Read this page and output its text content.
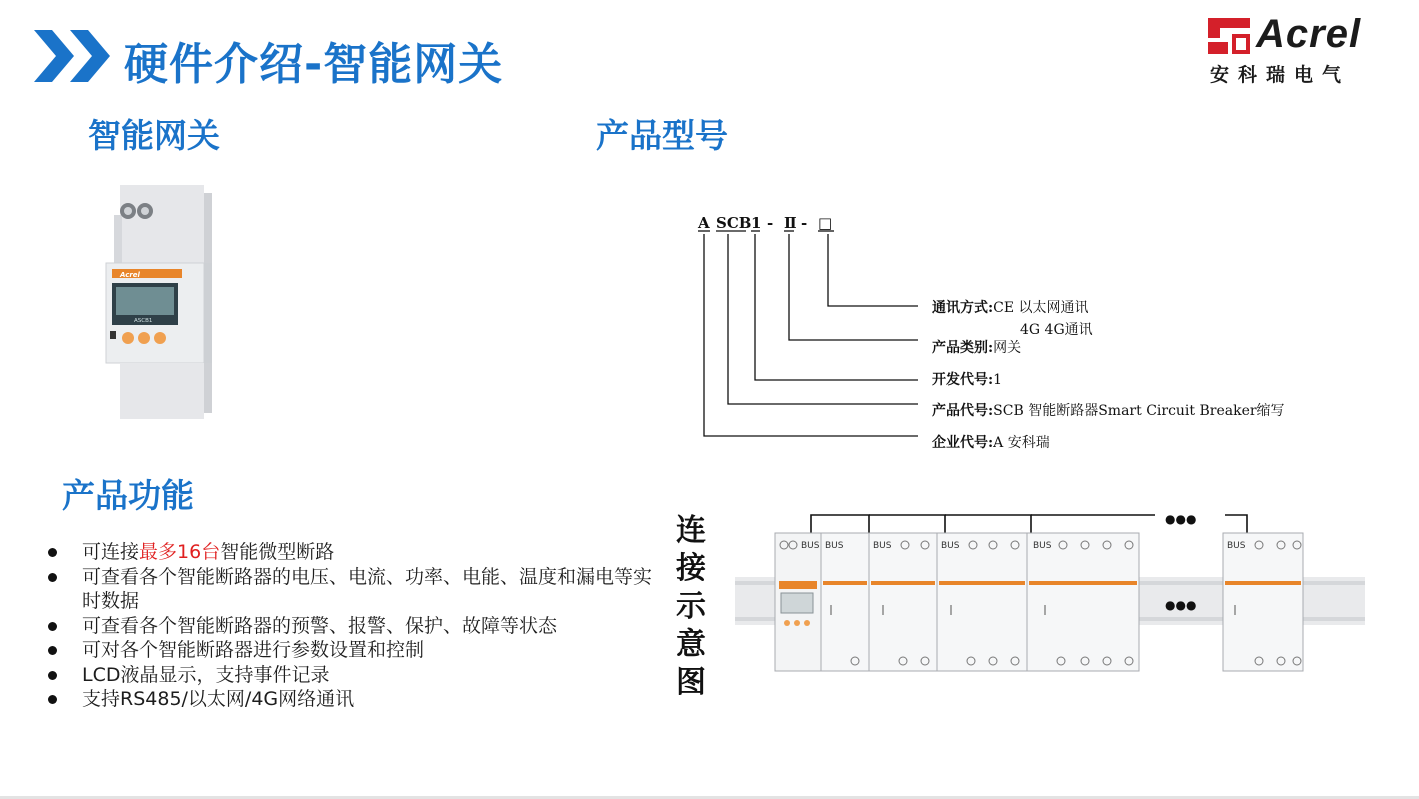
硬件介绍-智能网关
Acrel
安科瑞电气
智能网关	产品型号
产品功能
Acrel
ASCB1
A SCB 1 - Ⅱ - □
通讯方式:CE 以太网通讯
4G 4G通讯
产品类别:网关
开发代号:1
产品代号:SCB 智能断路器Smart Circuit Breaker缩写
企业代号:A 安科瑞
可连接最多16台智能微型断路
可查看各个智能断路器的电压、电流、功率、电能、温度和漏电等实时数据
可查看各个智能断路器的预警、报警、保护、故障等状态
可对各个智能断路器进行参数设置和控制
LCD液晶显示，支持事件记录
支持RS485/以太网/4G网络通讯
连
接
示
意
图
●●●
●●●
BUS BUS	BUS	BUS	BUS	BUS
